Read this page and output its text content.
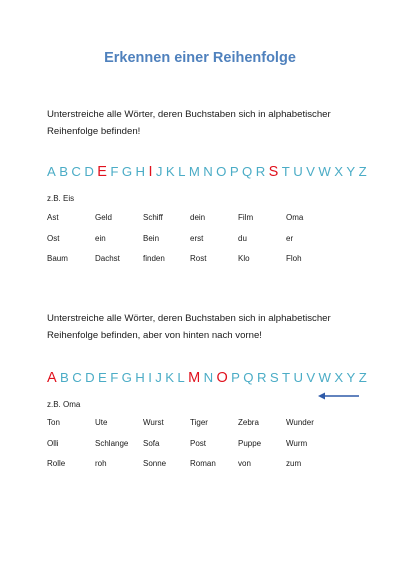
Erkennen einer Reihenfolge
Unterstreiche alle Wörter, deren Buchstaben sich in alphabetischer
Reihenfolge befinden!
A B C D E F G H I J K L M N O P Q R S T U V W X Y Z
z.B. Eis
Ast	Geld	Schiff	dein	Film	Oma
Ost	ein	Bein	erst	du	er
Baum	Dachst	finden	Rost	Klo	Floh
Unterstreiche alle Wörter, deren Buchstaben sich in alphabetischer
Reihenfolge befinden, aber von hinten nach vorne!
A B C D E F G H I J K L M N O P Q R S T U V W X Y Z
z.B. Oma
Ton	Ute	Wurst	Tiger	Zebra	Wunder
Olli	Schlange	Sofa	Post	Puppe	Wurm
Rolle	roh	Sonne	Roman	von	zum
